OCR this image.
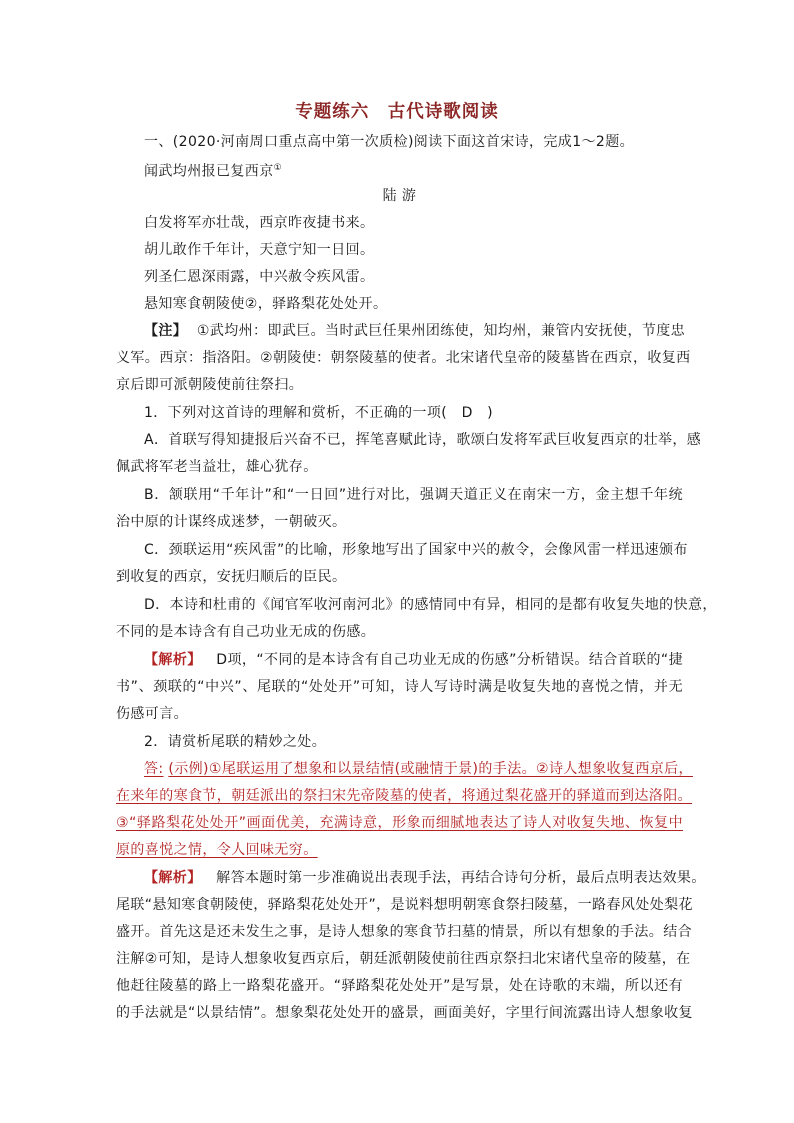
专题练六　古代诗歌阅读
一、(2020·河南周口重点高中第一次质检)阅读下面这首宋诗，完成1～2题。
闻武均州报已复西京①
陆 游
白发将军亦壮哉，西京昨夜捷书来。
胡儿敢作千年计，天意宁知一日回。
列圣仁恩深雨露，中兴赦令疾风雷。
悬知寒食朝陵使②，驿路梨花处处开。
【注】 ①武均州：即武巨。当时武巨任果州团练使，知均州，兼管内安抚使，节度忠
义军。西京：指洛阳。②朝陵使：朝祭陵墓的使者。北宋诸代皇帝的陵墓皆在西京，收复西
京后即可派朝陵使前往祭扫。
1．下列对这首诗的理解和赏析，不正确的一项(　D　)
A．首联写得知捷报后兴奋不已，挥笔喜赋此诗，歌颂白发将军武巨收复西京的壮举，感
佩武将军老当益壮，雄心犹存。
B．颔联用“千年计”和“一日回”进行对比，强调天道正义在南宋一方，金主想千年统
治中原的计谋终成迷梦，一朝破灭。
C．颈联运用“疾风雷”的比喻，形象地写出了国家中兴的赦令，会像风雷一样迅速颁布
到收复的西京，安抚归顺后的臣民。
D．本诗和杜甫的《闻官军收河南河北》的感情同中有异，相同的是都有收复失地的快意，
不同的是本诗含有自己功业无成的伤感。
【解析】 D项，“不同的是本诗含有自己功业无成的伤感”分析错误。结合首联的“捷
书”、颈联的“中兴”、尾联的“处处开”可知，诗人写诗时满是收复失地的喜悦之情，并无
伤感可言。
2．请赏析尾联的精妙之处。
答: (示例)①尾联运用了想象和以景结情(或融情于景)的手法。②诗人想象收复西京后，
在来年的寒食节，朝廷派出的祭扫宋先帝陵墓的使者，将通过梨花盛开的驿道而到达洛阳。
③“驿路梨花处处开”画面优美，充满诗意，形象而细腻地表达了诗人对收复失地、恢复中
原的喜悦之情，令人回味无穷。
【解析】 解答本题时第一步准确说出表现手法，再结合诗句分析，最后点明表达效果。
尾联“悬知寒食朝陵使，驿路梨花处处开”，是说料想明朝寒食祭扫陵墓，一路春风处处梨花
盛开。首先这是还未发生之事，是诗人想象的寒食节扫墓的情景，所以有想象的手法。结合
注解②可知，是诗人想象收复西京后，朝廷派朝陵使前往西京祭扫北宋诸代皇帝的陵墓，在
他赶往陵墓的路上一路梨花盛开。“驿路梨花处处开”是写景，处在诗歌的末端，所以还有
的手法就是“以景结情”。想象梨花处处开的盛景，画面美好，字里行间流露出诗人想象收复
